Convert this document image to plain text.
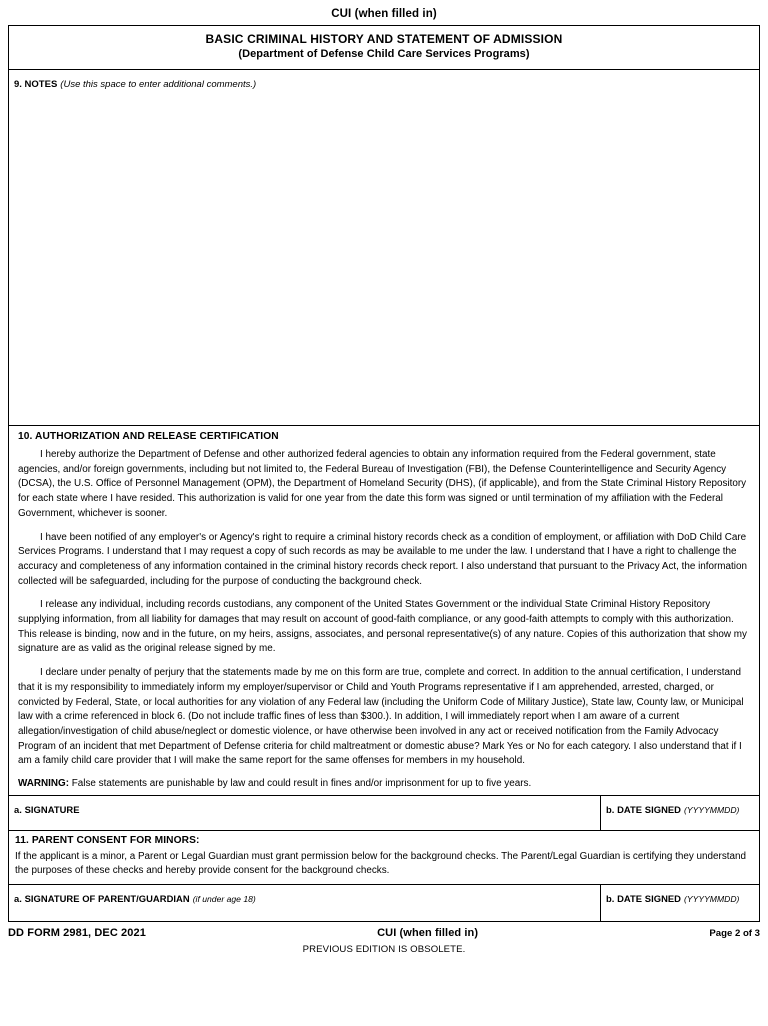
CUI (when filled in)
BASIC CRIMINAL HISTORY AND STATEMENT OF ADMISSION
(Department of Defense Child Care Services Programs)
9. NOTES (Use this space to enter additional comments.)
10. AUTHORIZATION AND RELEASE CERTIFICATION

I hereby authorize the Department of Defense and other authorized federal agencies to obtain any information required from the Federal government, state agencies, and/or foreign governments, including but not limited to, the Federal Bureau of Investigation (FBI), the Defense Counterintelligence and Security Agency (DCSA), the U.S. Office of Personnel Management (OPM), the Department of Homeland Security (DHS), (if applicable), and from the State Criminal History Repository for each state where I have resided. This authorization is valid for one year from the date this form was signed or until termination of my affiliation with the Federal Government, whichever is sooner.

I have been notified of any employer's or Agency's right to require a criminal history records check as a condition of employment, or affiliation with DoD Child Care Services Programs. I understand that I may request a copy of such records as may be available to me under the law. I understand that I have a right to challenge the accuracy and completeness of any information contained in the criminal history records check report. I also understand that pursuant to the Privacy Act, the information collected will be safeguarded, including for the purpose of conducting the background check.

I release any individual, including records custodians, any component of the United States Government or the individual State Criminal History Repository supplying information, from all liability for damages that may result on account of good-faith compliance, or any good-faith attempts to comply with this authorization. This release is binding, now and in the future, on my heirs, assigns, associates, and personal representative(s) of any nature. Copies of this authorization that show my signature are as valid as the original release signed by me.

I declare under penalty of perjury that the statements made by me on this form are true, complete and correct. In addition to the annual certification, I understand that it is my responsibility to immediately inform my employer/supervisor or Child and Youth Programs representative if I am apprehended, arrested, charged, or convicted by Federal, State, or local authorities for any violation of any Federal law (including the Uniform Code of Military Justice), State law, County law, or Municipal law with a crime referenced in block 6. (Do not include traffic fines of less than $300.). In addition, I will immediately report when I am aware of a current allegation/investigation of child abuse/neglect or domestic violence, or have otherwise been involved in any act or received notification from the Family Advocacy Program of an incident that met Department of Defense criteria for child maltreatment or domestic abuse? Mark Yes or No for each category. I also understand that if I am a family child care provider that I will make the same report for the same offenses for members in my household.

WARNING: False statements are punishable by law and could result in fines and/or imprisonment for up to five years.
a. SIGNATURE	b. DATE SIGNED (YYYYMMDD)
11. PARENT CONSENT FOR MINORS:

If the applicant is a minor, a Parent or Legal Guardian must grant permission below for the background checks. The Parent/Legal Guardian is certifying they understand the purposes of these checks and hereby provide consent for the background checks.

a. SIGNATURE OF PARENT/GUARDIAN (if under age 18)	b. DATE SIGNED (YYYYMMDD)
DD FORM 2981, DEC 2021	CUI (when filled in)	Page 2 of 3
PREVIOUS EDITION IS OBSOLETE.
